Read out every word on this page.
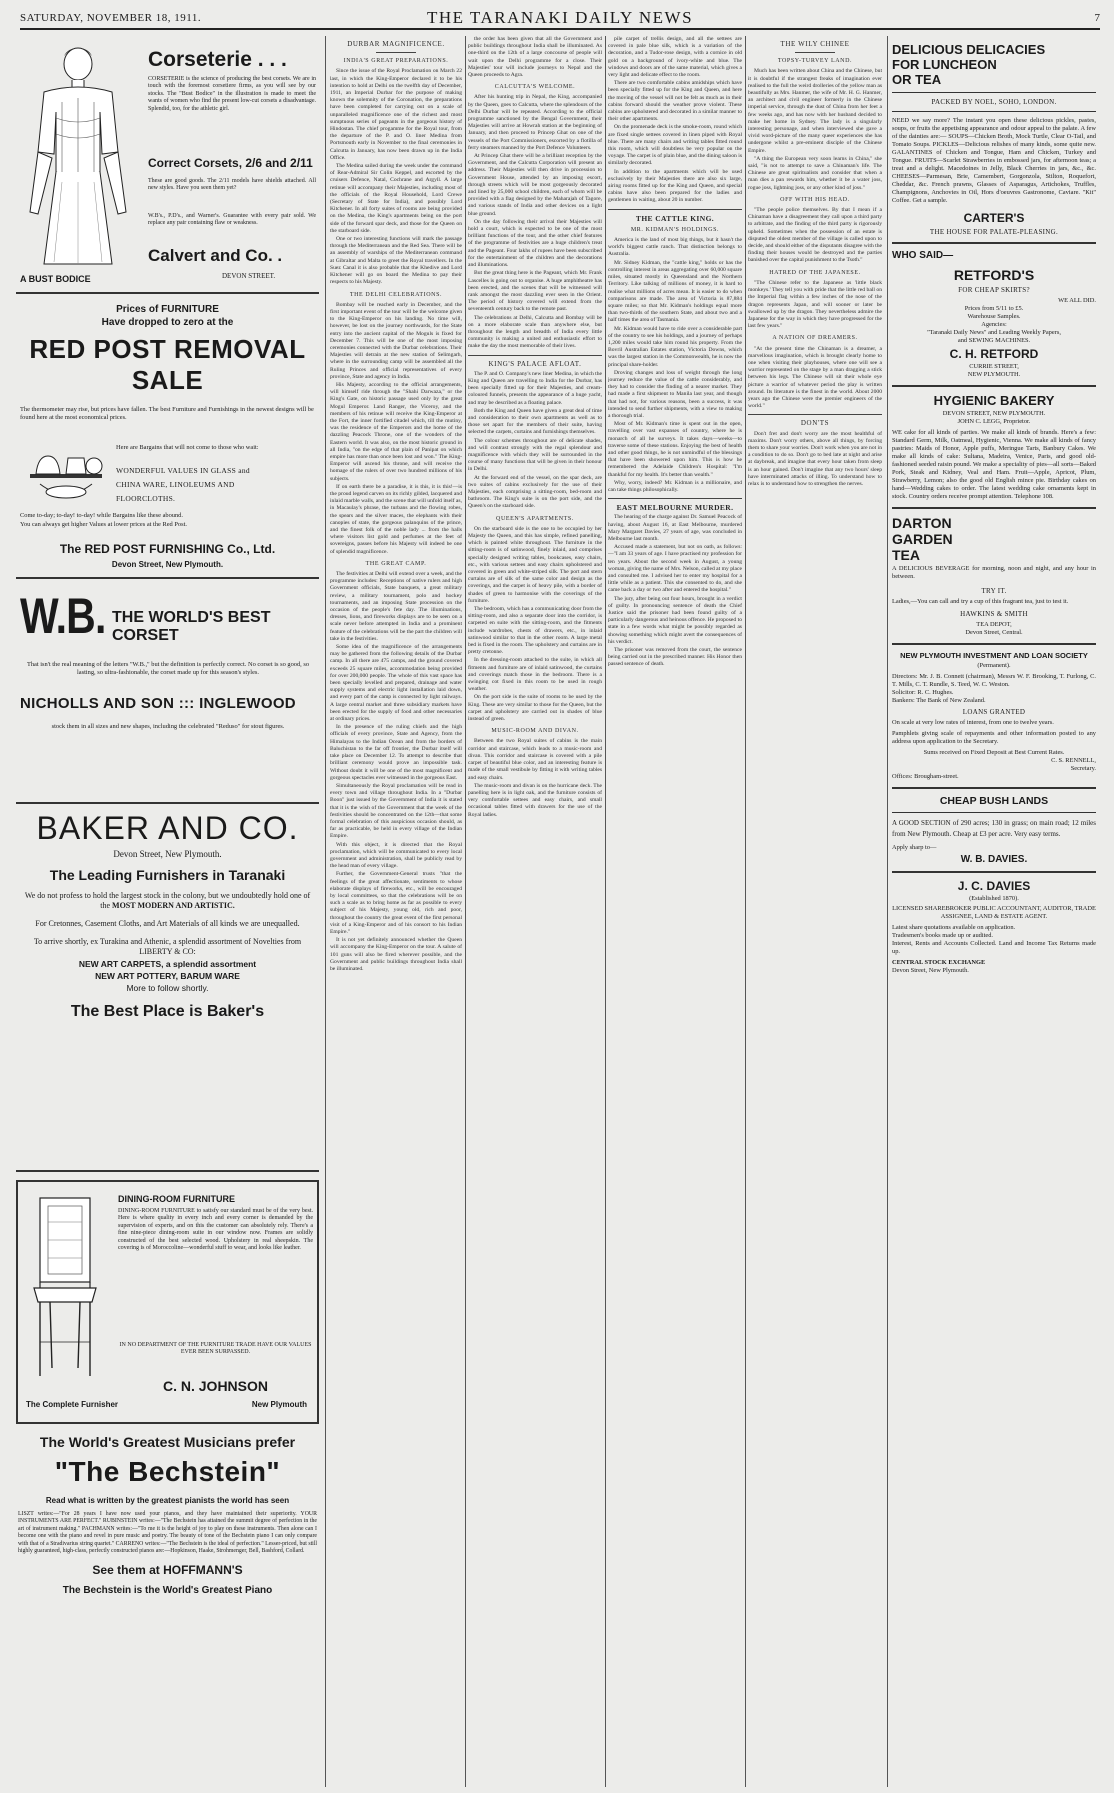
SATURDAY, NOVEMBER 18, 1911.	THE TARANAKI DAILY NEWS	7
Corseterie . . .
CORSETERIE is the science of producing the best corsets. We are in touch with the foremost corsetiere firms, as you will see by our stocks. The "Bust Bodice" in the illustration is made to meet the wants of women who find the present low-cut corsets a disadvantage. Splendid, too, for the athletic girl.
Correct Corsets, 2/6 and 2/11
These are good goods. The 2/11 models have shields attached. All new styles. Have you seen them yet?
W.B's., P.D's., and Warner's. Guarantee with every pair sold. We replace any pair containing flaw or weakness.
Calvert and Co. .
DEVON STREET.
A BUST BODICE
Prices of FURNITURE
Have dropped to zero at the
RED POST REMOVAL SALE
The thermometer may rise, but prices have fallen. The best Furniture and Furnishings in the newest designs will be found here at the most economical prices.
Here are Bargains that will not come to those who wait:
WONDERFUL VALUES IN GLASS and
CHINA WARE, LINOLEUMS AND
FLOORCLOTHS.
Come to-day; to-day! to-day! while Bargains like these abound.
You can always get higher Values at lower prices at the Red Post.
The RED POST FURNISHING Co., Ltd.
Devon Street, New Plymouth.
W.B. THE WORLD'S BEST CORSET
That isn't the real meaning of the letters "W.B.," but the definition is perfectly correct. No corset is so good, so lasting, so ultra-fashionable, the corset made up for this season's styles.
NICHOLLS AND SON ::: INGLEWOOD
stock them in all sizes and new shapes, including the celebrated "Reduso" for stout figures.
BAKER AND CO.
Devon Street, New Plymouth.
The Leading Furnishers in Taranaki
We do not profess to hold the largest stock in the colony, but we undoubtedly hold one of the MOST MODERN AND ARTISTIC.
For Cretonnes, Casement Cloths, and Art Materials of all kinds we are unequalled.
To arrive shortly, ex Turakina and Athenic, a splendid assortment of Novelties from LIBERTY & CO:
NEW ART CARPETS, a splendid assortment
NEW ART POTTERY, BARUM WARE
More to follow shortly.
The Best Place is Baker's
DINING-ROOM FURNITURE
DINING-ROOM FURNITURE to satisfy our standard must be of the very best. Here is where quality in every inch and every corner is demanded by the supervision of experts, and on this the customer can absolutely rely. There's a fine nine-piece dining-room suite in our window now. Frames are solidly constructed of the best selected wood. Upholstery in real sheepskin. The covering is of Moroccoline—wonderful stuff to wear, and looks like leather.
IN NO DEPARTMENT OF THE FURNITURE TRADE HAVE OUR VALUES EVER BEEN SURPASSED.
C. N. JOHNSON
The Complete Furnisher	New Plymouth
The World's Greatest Musicians prefer
"The Bechstein"
Read what is written by the greatest pianists the world has seen
LISZT writes:—"For 28 years I have now used your pianos, and they have maintained their superiority. YOUR INSTRUMENTS ARE PERFECT." RUBINSTEIN writes:—"The Bechstein has attained the summit degree of perfection in the art of instrument making." PACHMANN writes:—"To me it is the height of joy to play on these instruments. Then alone can I become one with the piano and revel in pure music and poetry. The beauty of tone of the Bechstein piano I can only compare with that of a Stradivarius string quartet." CARRENO writes:—"The Bechstein is the ideal of perfection." Lesser-priced, but still highly guaranteed, high-class, perfectly constructed pianos are:—Hopkinson, Haake, Strohmenger, Bell, Bashford, Collard.
See them at HOFFMANN'S
The Bechstein is the World's Greatest Piano
DURBAR MAGNIFICENCE.
INDIA'S GREAT PREPARATIONS.

Since the issue of the Royal Proclamation on March 22 last, in which the King-Emperor declared it to be his intention to hold at Delhi on the twelfth day of December, 1911, an Imperial Durbar for the purpose of making known the solemnity of the Coronation, the preparations have been completed for carrying out on a scale of unparalleled magnificence one of the richest and most sumptuous series of pageants in the gorgeous history of Hindostan. The chief progamme for the Royal tour, from the departure of the P. and O. liner Medina from Portsmouth early in November to the final ceremonies in Calcutta in January, has now been drawn up in the India Office.

The Medina sailed during the week under the command of Rear-Admiral Sir Colin Keppel, and escorted by the cruisers Defence, Natal, Cochrane and Argyll. A large retinue will accompany their Majesties, including most of the officials of the Royal Household, Lord Crewe (Secretary of State for India), and possibly Lord Kitchener. In all forty suites of rooms are being provided on the Medina, the King's apartments being on the port side of the forward spar deck, and those for the Queen on the starboard side.

One or two interesting functions will mark the passage through the Mediterranean and the Red Sea. There will be an assembly of warships of the Mediterranean command at Gibraltar and Malta to greet the Royal travellers. In the Suez Canal it is also probable that the Khedive and Lord Kitchener will go on board the Medina to pay their respects to his Majesty.

THE DELHI CELEBRATIONS.

Bombay will be reached early in December, and the first important event of the tour will be the welcome given to the King-Emperor on his landing. No time will, however, be lost on the journey northwards, for the State entry into the ancient capital of the Moguls is fixed for December 7. This will be one of the most imposing ceremonies connected with the Durbar celebrations. Their Majesties will detrain at the new station of Selimgarh, where in the surrounding camp will be assembled all the Ruling Princes and official representatives of every province, State and agency in India.

His Majesty, according to the official arrangements, will himself ride through the "Shahi Darwaza," or the King's Gate, on historic passage used only by the great Mogul Emperor. Land Ranger, the Viceroy, and the members of his retinue will receive the King-Emperor at the Fort, the inner fortified citadel which, till the mutiny, was the residence of the Emperors and the home of the dazzling Peacock Throne, one of the wonders of the Eastern world. It was also, on the most historic ground in all India, "on the edge of that plain of Panipat on which empire has more than once been lost and won." The King-Emperor will ascend his throne, and will receive the homage of the rulers of over two hundred millions of his subjects.

If on earth there be a paradise, it is this, it is this!—is the proud legend carven on its richly gilded, lacquered and inlaid marble walls, and the scene that will unfold itself as, in Macaulay's phrase, the turbans and the flowing robes, the spears and the silver maces, the elephants with their canopies of state, the gorgeous palanquins of the prince, and the finest folk of the noble lady ... from the halls where visitors list gold and perfumes at the feet of sovereigns, passes before his Majesty will indeed be one of splendid magnificence.

THE GREAT CAMP.

The festivities at Delhi will extend over a week, and the programme includes: Receptions of native rulers and high Government officials, State banquets, a great military review, a military tournament, polo and hockey tournaments, and an imposing State procession on the occasion of the people's fete day. The illuminations, dresses, lions, and fireworks displays are to be seen on a scale never before attempted in India and a prominent feature of the celebrations will be the part the children will take in the festivities.

Some idea of the magnificence of the arrangements may be gathered from the following details of the Durbar camp. In all there are 475 camps, and the ground covered exceeds 25 square miles, accommodation being provided for over 200,000 people. The whole of this vast space has been specially levelled and prepared, drainage and water supply systems and electric light installation laid down, and every part of the camp is connected by light railways. A large central market and three subsidiary markets have been erected for the supply of food and other necessaries at ordinary prices.

In the presence of the ruling chiefs and the high officials of every province, State and Agency, from the Himalayas to the Indian Ocean and from the borders of Baluchistan to the far off frontier, the Durbar itself will take place on December 12. To attempt to describe that brilliant ceremony would prove an impossible task. Without doubt it will be one of the most magnificent and gorgeous spectacles ever witnessed in the gorgeous East.

Simultaneously the Royal proclamation will be read in every town and village throughout India. In a "Durbar Boon" just issued by the Government of India it is stated that it is the wish of the Government that the week of the festivities should be concentrated on the 12th—that some formal celebration of this auspicious occasion should, as far as practicable, be held in every village of the Indian Empire.

With this object, it is directed that the Royal proclamation, which will be communicated to every local government and administration, shall be publicly read by the head man of every village.

Further, the Government-General trusts "that the feelings of the great affectionate, sentiments to whose elaborate displays of fireworks, etc., will be encouraged by local committees, so that the celebrations will be on such a scale as to bring home as far as possible to every subject of his Majesty, young old, rich and poor, throughout the country the great event of the first personal visit of a King-Emperor and of his consort to his Indian Empire."

It is not yet definitely announced whether the Queen will accompany the King-Emperor on the tour. A salute of 101 guns will also be fired wherever possible, and the Government and public buildings throughout India shall be illuminated.

the order has been given that all the Government and public buildings throughout India shall be illuminated. As one-third on the 12th of a large concourse of people will wait upon the Delhi programme for a close. Their Majesties' tour will include journeys to Nepal and the Queen proceeds to Agra.

CALCUTTA'S WELCOME.

After his hunting trip in Nepal, the King, accompanied by the Queen, goes to Calcutta, where the splendours of the Delhi Durbar will be repeated. According to the official programme sanctioned by the Bengal Government, their Majesties will arrive at Howrah station at the beginning of January, and then proceed to Princep Ghat on one of the vessels of the Port Commissioners, escorted by a flotilla of ferry steamers manned by the Port Defence Volunteers.

At Princep Ghat there will be a brilliant reception by the Government, and the Calcutta Corporation will present an address. Their Majesties will then drive in procession to Government House, attended by an imposing escort, through streets which will be most gorgeously decorated and lined by 25,000 school children, each of whom will be provided with a flag designed by the Maharajah of Tagore, and various stands of India and other devices on a light blue ground.

On the day following their arrival their Majesties will hold a court, which is expected to be one of the most brilliant functions of the tour, and the other chief features of the programme of festivities are a huge children's treat and the Pageant. Four lakhs of rupees have been subscribed for the entertainment of the children and the decorations and illuminations.

But the great thing here is the Pageant, which Mr. Frank Lascelles is going out to organise. A huge amphitheatre has been erected, and the scenes that will be witnessed will rank amongst the most dazzling ever seen in the Orient. The period of history covered will extend from the seventeenth century back to the remote past.

The celebrations at Delhi, Calcutta and Bombay will be on a more elaborate scale than anywhere else, but throughout the length and breadth of India every little community is making a united and enthusiastic effort to make the day the most memorable of their lives.

KING'S PALACE AFLOAT.

The P. and O. Company's new liner Medina, in which the King and Queen are travelling to India for the Durbar, has been specially fitted up for their Majesties, and cream-coloured funnels, presents the appearance of a huge yacht, and may be described as a floating palace.

Both the King and Queen have given a great deal of time and consideration to their own apartments as well as to those set apart for the members of their suite, having selected the carpets, curtains and furnishings themselves.

The colour schemes throughout are of delicate shades, and will contrast strongly with the regal splendour and magnificence with which they will be surrounded in the course of many functions that will be given in their honour in Delhi.

At the forward end of the vessel, on the spar deck, are two suites of cabins exclusively for the use of their Majesties, each comprising a sitting-room, bed-room and bathroom. The King's suite is on the port side, and the Queen's on the starboard side.

QUEEN'S APARTMENTS.

On the starboard side is the one to be occupied by her Majesty the Queen, and this has simple, refined panelling, which is painted white throughout. The furniture in the sitting-room is of satinwood, finely inlaid, and comprises specially designed writing tables, bookcases, easy chairs, etc., with various settees and easy chairs upholstered and covered in green and white-striped silk. The port and stern curtains are of silk of the same color and design as the coverings, and the carpet is of heavy pile, with a border of shades of green to harmonise with the coverings of the furniture.

The bedroom, which has a communicating door from the sitting-room, and also a separate door into the corridor, is carpeted en suite with the sitting-room, and the fitments include wardrobes, chests of drawers, etc., in inlaid satinwood similar to that in the other room. A large metal bed is fixed in the room. The upholstery and curtains are in pretty cretonne.

In the dressing-room attached to the suite, in which all fitments and furniture are of inlaid satinwood, the curtains and coverings match those in the bedroom. There is a swinging cot fixed in this room to be used in rough weather.

On the port side is the suite of rooms to be used by the King. These are very similar to those for the Queen, but the carpet and upholstery are carried out in shades of blue instead of green.

MUSIC-ROOM AND DIVAN.

Between the two Royal suites of cabins is the main corridor and staircase, which leads to a music-room and divan. This corridor and staircase is covered with a pile carpet of beautiful blue color, and an interesting feature is made of the small vestibule by fitting it with writing tables and easy chairs.

The music-room and divan is on the hurricane deck. The panelling here is in light oak, and the furniture consists of very comfortable settees and easy chairs, and small occasional tables fitted with drawers for the use of the Royal ladies.

pile carpet of trellis design, and all the settees are covered in pale blue silk, which is a variation of the decoration, and a Tudor-rose design, with a cornice in old gold on a background of ivory-white and blue. The windows and doors are of the same material, which gives a very light and delicate effect to the room.

There are two comfortable cabins amidships which have been specially fitted up for the King and Queen, and here the moving of the vessel will not be felt as much as in their cabins forward should the weather prove violent. These cabins are upholstered and decorated in a similar manner to their other apartments.

On the promenade deck is the smoke-room, round which are fixed single settees covered in linen piped with Royal blue. There are many chairs and writing tables fitted round this room, which will doubtless be very popular on the voyage. The carpet is of plain blue, and the dining saloon is similarly decorated.

In addition to the apartments which will be used exclusively by their Majesties there are also six large, airing rooms fitted up for the King and Queen, and special cabins have also been prepared for the ladies and gentlemen in waiting, about 20 in number.

THE CATTLE KING.
MR. KIDMAN'S HOLDINGS.

America is the land of most big things, but it hasn't the world's biggest cattle ranch. That distinction belongs to Australia.

Mr. Sidney Kidman, the "cattle king," holds or has the controlling interest in areas aggregating over 60,000 square miles, situated mostly in Queensland and the Northern Territory. Like talking of millions of money, it is hard to realise what millions of acres mean. It is easier to do when comparisons are made. The area of Victoria is 87,884 square miles; so that Mr. Kidman's holdings equal more than two-thirds of the southern State, and about two and a half times the area of Tasmania.

Mr. Kidman would have to ride over a considerable part of the country to see his holdings, and a journey of perhaps 1,200 miles would take him round his property. From the Bovril Australian Estates station, Victoria Downs, which was the largest station in the Commonwealth, he is now the principal share-holder.

Droving changes and loss of weight through the long journey reduce the value of the cattle considerably, and they had to consider the finding of a nearer market. They had made a first shipment to Manila last year, and though that had not, for various reasons, been a success, it was intended to send further shipments, with a view to making a thorough trial.

Most of Mr. Kidman's time is spent out in the open, travelling over vast expanses of country, where he is monarch of all he surveys. It takes days—weeks—to traverse some of these stations. Enjoying the best of health and other good things, he is not unmindful of the blessings that have been showered upon him. This is how he remembered the Adelaide Children's Hospital: "I'm thankful for my health. It's better than wealth."

Why, worry, indeed? Mr. Kidman is a millionaire, and can take things philosophically.

EAST MELBOURNE MURDER.

The hearing of the charge against Dr. Samuel Peacock of having, about August 16, at East Melbourne, murdered Mary Margaret Davies, 27 years of age, was concluded in Melbourne last month.

Accused made a statement, but not on oath, as follows:—"I am 33 years of age. I have practised my profession for ten years. About the second week in August, a young woman, giving the name of Mrs. Nelson, called at my place and consulted me. I advised her to enter my hospital for a little while as a patient. This she consented to do, and she came back a day or two after and entered the hospital."

The jury, after being out four hours, brought in a verdict of guilty. In pronouncing sentence of death the Chief Justice said the prisoner had been found guilty of a particularly dangerous and heinous offence. He proposed to state in a few words what might be possibly regarded as showing something which might avert the consequences of his verdict.

The prisoner was removed from the court, the sentence being carried out in the prescribed manner. His Honor then passed sentence of death.

THE WILY CHINEE
TOPSY-TURVEY LAND.

Much has been written about China and the Chinese, but it is doubtful if the strangest freaks of imagination ever realised to the full the weird drolleries of the yellow man as beautifully as Mrs. Hanmer, the wife of Mr. H. G. Hanmer, an architect and civil engineer formerly in the Chinese imperial service, through the dust of China from her feet a few weeks ago, and has now with her husband decided to make her home in Sydney. The lady is a singularly interesting personage, and when interviewed she gave a vivid word-picture of the many queer experiences she has undergone whilst a pre-eminent disciple of the Chinese Empire.

"A thing the European very soon learns in China," she said, "is not to attempt to save a Chinaman's life. The Chinese are great spiritualists and consider that when a man dies a pan rewards him, whether it be a water joss, rogue joss, lightning joss, or any other kind of joss."

OFF WITH HIS HEAD.

"The people police themselves. By that I mean if a Chinaman have a disagreement they call upon a third party to arbitrate, and the finding of the third party is rigorously upheld. Sometimes when the possession of an estate is disputed the oldest member of the village is called upon to decide, and should either of the disputants disagree with the finding their houses would be destroyed and the parties banished over the capital punishment to the Tsoth."

HATRED OF THE JAPANESE.

"The Chinese refer to the Japanese as 'little black monkeys.' They tell you with pride that the little red ball on the Imperial flag within a few inches of the nose of the dragon represents Japan, and will sooner or later be swallowed up by the dragon. They nevertheless admire the Japanese for the way in which they have progressed for the last few years."

A NATION OF DREAMERS.

"At the present time the Chinaman is a dreamer, a marvellous imagination, which is brought clearly home to one when visiting their playhouses, where one will see a warrior represented on the stage by a man dragging a stick between his legs. The Chinese will sit their whole eye picture a warrior of whatever period the play is written around. Its literature is the finest in the world. About 2000 years ago the Chinese were the premier engineers of the world."

DON'TS

Don't fret and don't worry are the most healthful of maxims. Don't worry others, above all things, by forcing them to share your worries. Don't work when you are not in a condition to do so. Don't go to bed late at night and arise at daybreak, and imagine that every hour taken from sleep is an hour gained. Don't imagine that any two hours' sleep have interminated attacks of illing. To understand how to relax is to understand how to strengthen the nerves.

DELICIOUS DELICACIES
FOR LUNCHEON
OR TEA
PACKED BY NOEL, SOHO, LONDON.
NEED we say more? The instant you open these delicious pickles, pastes, soups, or fruits the appetising appearance and odour appeal to the palate. A few of the dainties are:— SOUPS—Chicken Broth, Mock Turtle, Clear O-Tail, and Tomato Soups. PICKLES—Delicious relishes of many kinds, some quite new. GALANTINES of Chicken and Tongue, Ham and Chicken, Turkey and Tongue. FRUITS—Scarlet Strawberries in embossed jars, for afternoon teas; a treat and a delight. Macedoines in Jelly, Black Cherries in jars, &c., &c. CHEESES—Parmesan, Brie, Camembert, Gorgonzola, Stilton, Roquefort, Cheddar, &c. French prawns, Glasses of Asparagus, Artichokes, Truffles, Champignons, Anchovies in Oil, Hors d'oeuvres Gastronome, Caviare. "Kit" Coffee. Get a sample.
CARTER'S
THE HOUSE FOR PALATE-PLEASING.
WHO SAID—
RETFORD'S
FOR CHEAP SKIRTS?
WE ALL DID.
Prices from 5/11 to £5.
Warehouse Samples.
Agencies:
"Taranaki Daily News" and Leading Weekly Papers,
and SEWING MACHINES.
C. H. RETFORD
CURRIE STREET,
NEW PLYMOUTH.
HYGIENIC BAKERY
DEVON STREET, NEW PLYMOUTH.
JOHN C. LEGG, Proprietor.
WE cake for all kinds of parties. We make all kinds of brands. Here's a few: Standard Germ, Milk, Oatmeal, Hygienic, Vienna. We make all kinds of fancy pastries: Maids of Honor, Apple puffs, Meringue Tarts, Banbury Cakes. We make all kinds of cake: Sultana, Madeira, Venice, Paris, and good old-fashioned seeded raisin pound. We make a speciality of pies—all sorts—Baked Pork, Steak and Kidney, Veal and Ham. Fruit—Apple, Apricot, Plum, Strawberry, Lemon; also the good old English mince pie. Birthday cakes on hand—Wedding cakes to order. The latest wedding cake ornaments kept in stock. Country orders receive prompt attention. Telephone 108.
DARTON
GARDEN
TEA
A DELICIOUS BEVERAGE for morning, noon and night, and any hour in between.
TRY IT.
Ladies,—You can call and try a cup of this fragrant tea, just to test it.
HAWKINS & SMITH
TEA DEPOT,
Devon Street, Central.
NEW PLYMOUTH INVESTMENT AND LOAN SOCIETY
(Permanent).
Directors: Mr. J. B. Connett (chairman), Messrs W. F. Brooking, T. Furlong, C. T. Mills, C. T. Rundle, S. Teed, W. C. Weston.
Solicitor: R. C. Hughes.
Bankers: The Bank of New Zealand.
LOANS GRANTED
On scale at very low rates of interest, from one to twelve years.
Pamphlets giving scale of repayments and other information posted to any address upon application to the Secretary.
Sums received on Fixed Deposit at Best Current Rates.
C. S. RENNELL,
Secretary.
Offices: Brougham-street.
CHEAP BUSH LANDS
A GOOD SECTION of 290 acres; 130 in grass; on main road; 12 miles from New Plymouth. Cheap at £3 per acre. Very easy terms.
Apply sharp to—
W. B. DAVIES.
J. C. DAVIES
(Established 1870).
LICENSED SHAREBROKER PUBLIC ACCOUNTANT, AUDITOR, TRADE ASSIGNEE, LAND & ESTATE AGENT.
Latest share quotations available on application.
Tradesmen's books made up or audited.
Interest, Rents and Accounts Collected. Land and Income Tax Returns made up.
CENTRAL STOCK EXCHANGE
Devon Street, New Plymouth.
